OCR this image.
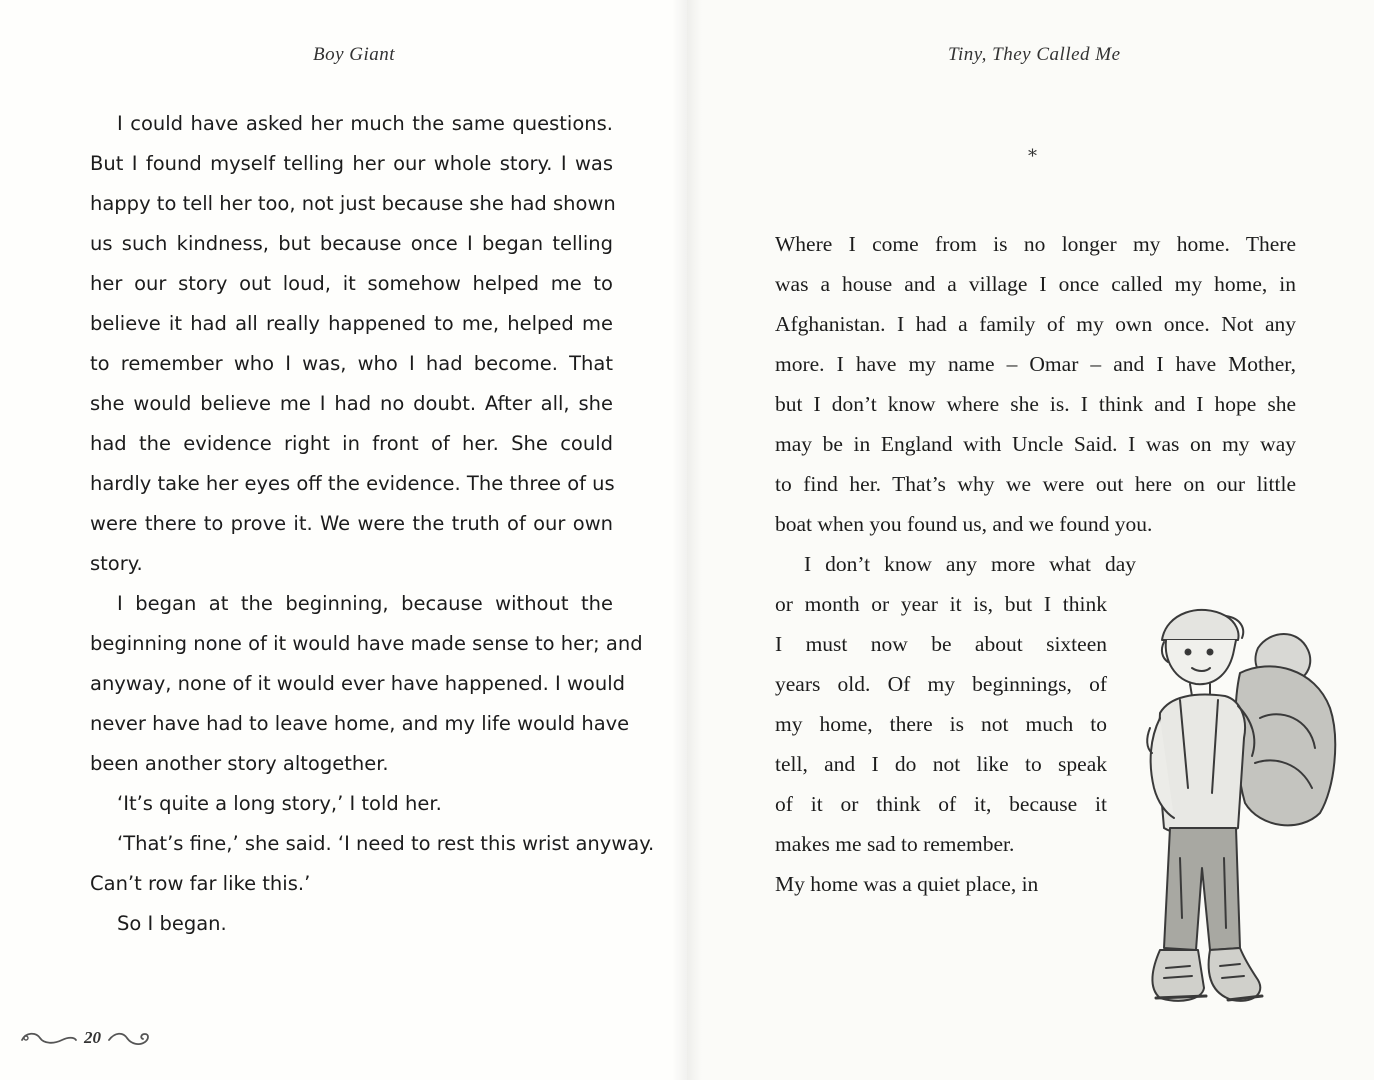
Boy Giant	Tiny, They Called Me
I could have asked her much the same questions.
But I found myself telling her our whole story. I was
happy to tell her too, not just because she had shown
us such kindness, but because once I began telling
her our story out loud, it somehow helped me to
believe it had all really happened to me, helped me
to remember who I was, who I had become. That
she would believe me I had no doubt. After all, she
had the evidence right in front of her. She could
hardly take her eyes off the evidence. The three of us
were there to prove it. We were the truth of our own
story.
I began at the beginning, because without the
beginning none of it would have made sense to her; and
anyway, none of it would ever have happened. I would
never have had to leave home, and my life would have
been another story altogether.
‘It’s quite a long story,’ I told her.
‘That’s fine,’ she said. ‘I need to rest this wrist anyway.
Can’t row far like this.’
So I began.
*
Where I come from is no longer my home. There
was a house and a village I once called my home, in
Afghanistan. I had a family of my own once. Not any
more. I have my name – Omar – and I have Mother,
but I don’t know where she is. I think and I hope she
may be in England with Uncle Said. I was on my way
to find her. That’s why we were out here on our little
boat when you found us, and we found you.
I don’t know any more what day
or month or year it is, but I think
I must now be about sixteen
years old. Of my beginnings, of
my home, there is not much to
tell, and I do not like to speak
of it or think of it, because it
makes me sad to remember.
My home was a quiet place, in
20
